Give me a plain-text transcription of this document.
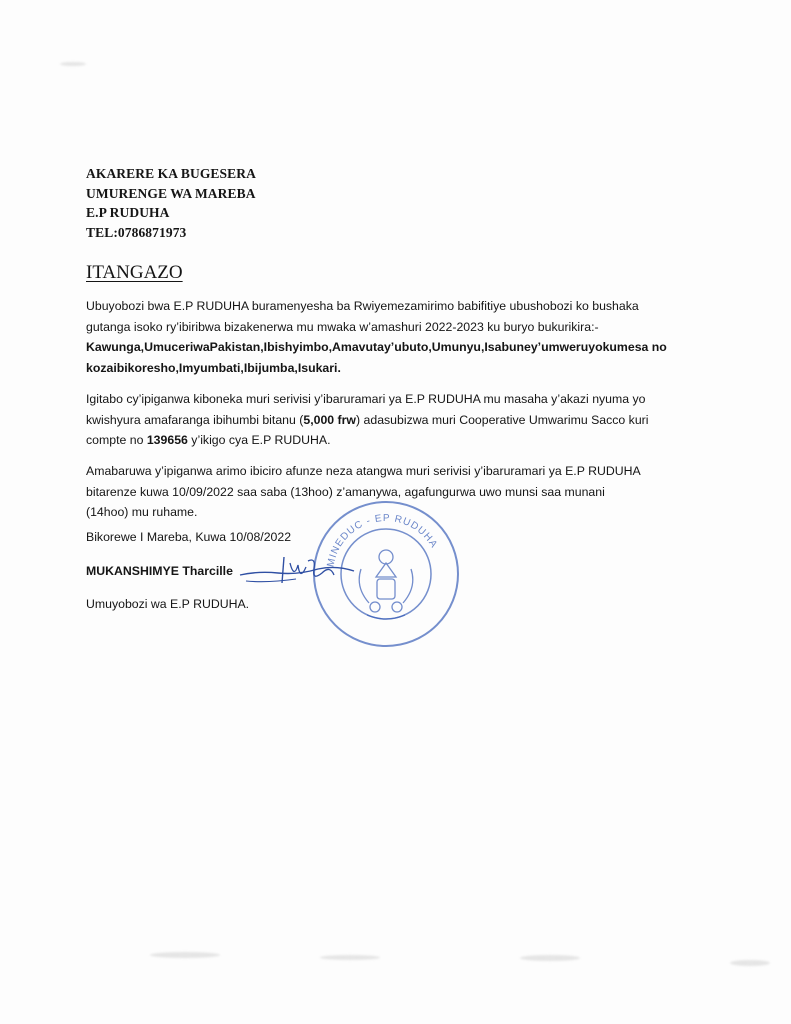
AKARERE KA BUGESERA
UMURENGE WA MAREBA
E.P RUDUHA
TEL:0786871973
ITANGAZO
Ubuyobozi bwa E.P RUDUHA buramenyesha ba Rwiyemezamirimo babifitiye ubushobozi ko bushaka
gutanga isoko ry’ibiribwa bizakenerwa mu mwaka w’amashuri 2022-2023 ku buryo bukurikira:-
Kawunga,UmuceriwaPakistan,Ibishyimbo,Amavutay’ubuto,Umunyu,Isabuney’umweruyokumesa no
kozaibikoresho,Imyumbati,Ibijumba,Isukari.
Igitabo cy’ipiganwa kiboneka muri serivisi y’ibaruramari ya E.P RUDUHA mu masaha y’akazi nyuma yo
kwishyura amafaranga ibihumbi bitanu (5,000 frw) adasubizwa muri Cooperative Umwarimu Sacco kuri
compte no 139656 y’ikigo cya E.P RUDUHA.
Amabaruwa y’ipiganwa arimo ibiciro afunze neza atangwa muri serivisi y’ibaruramari ya E.P RUDUHA
bitarenze kuwa 10/09/2022 saa saba (13hoo) z’amanywa, agafungurwa uwo munsi saa munani
(14hoo) mu ruhame.
Bikorewe I Mareba, Kuwa 10/08/2022
MUKANSHIMYE Tharcille
Umuyobozi wa E.P RUDUHA.
MINEDUC - EP RUDUHA
